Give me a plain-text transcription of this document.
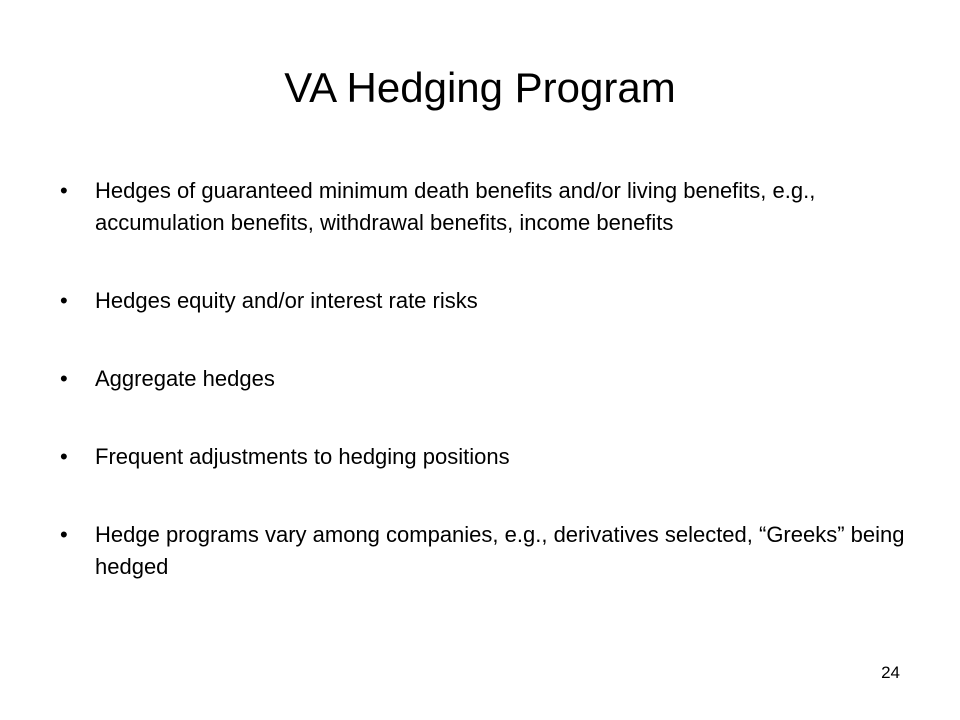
VA Hedging Program
• Hedges of guaranteed minimum death benefits and/or living benefits, e.g., accumulation benefits, withdrawal benefits, income benefits
• Hedges equity and/or interest rate risks
• Aggregate hedges
• Frequent adjustments to hedging positions
• Hedge programs vary among companies, e.g., derivatives selected, “Greeks” being hedged
24
